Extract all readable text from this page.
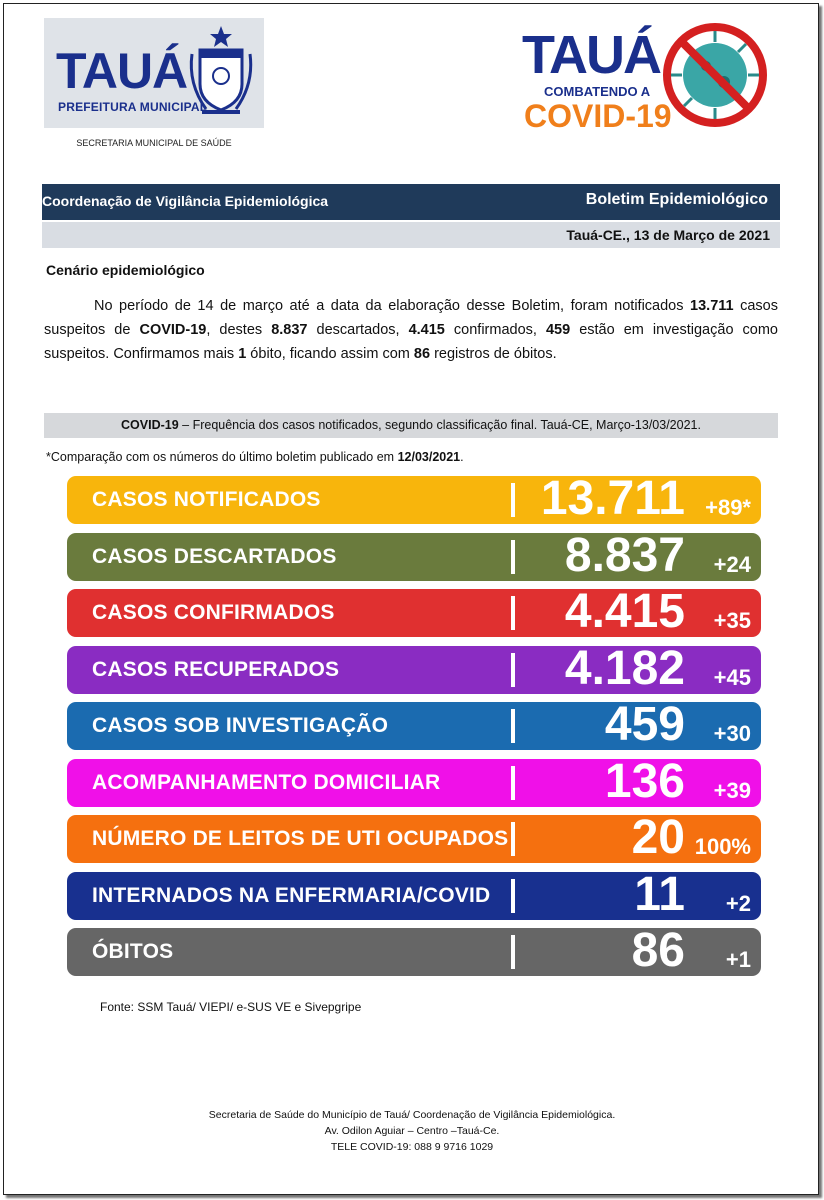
TAUÁ
PREFEITURA MUNICIPAL
SECRETARIA MUNICIPAL DE SAÚDE
TAUÁ
COMBATENDO A
COVID-19
Coordenação de Vigilância Epidemiológica	Boletim Epidemiológico
Tauá-CE., 13 de Março de 2021
Cenário epidemiológico

No período de 14 de março até a data da elaboração desse Boletim, foram notificados 13.711 casos suspeitos de COVID-19, destes 8.837 descartados, 4.415 confirmados, 459 estão em investigação como suspeitos. Confirmamos mais 1 óbito, ficando assim com 86 registros de óbitos.

COVID-19 – Frequência dos casos notificados, segundo classificação final. Tauá-CE, Março-13/03/2021.
*Comparação com os números do último boletim publicado em 12/03/2021.
CASOS NOTIFICADOS	13.711 +89*
CASOS DESCARTADOS	8.837 +24
CASOS CONFIRMADOS	4.415 +35
CASOS RECUPERADOS	4.182 +45
CASOS SOB INVESTIGAÇÃO	459 +30
ACOMPANHAMENTO DOMICILIAR	136 +39
NÚMERO DE LEITOS DE UTI OCUPADOS	20 100%
INTERNADOS NA ENFERMARIA/COVID	11 +2
ÓBITOS	86 +1
Fonte: SSM Tauá/ VIEPI/ e-SUS VE e Sivepgripe
Secretaria de Saúde do Município de Tauá/ Coordenação de Vigilância Epidemiológica.
Av. Odilon Aguiar – Centro –Tauá-Ce.
TELE COVID-19: 088 9 9716 1029
